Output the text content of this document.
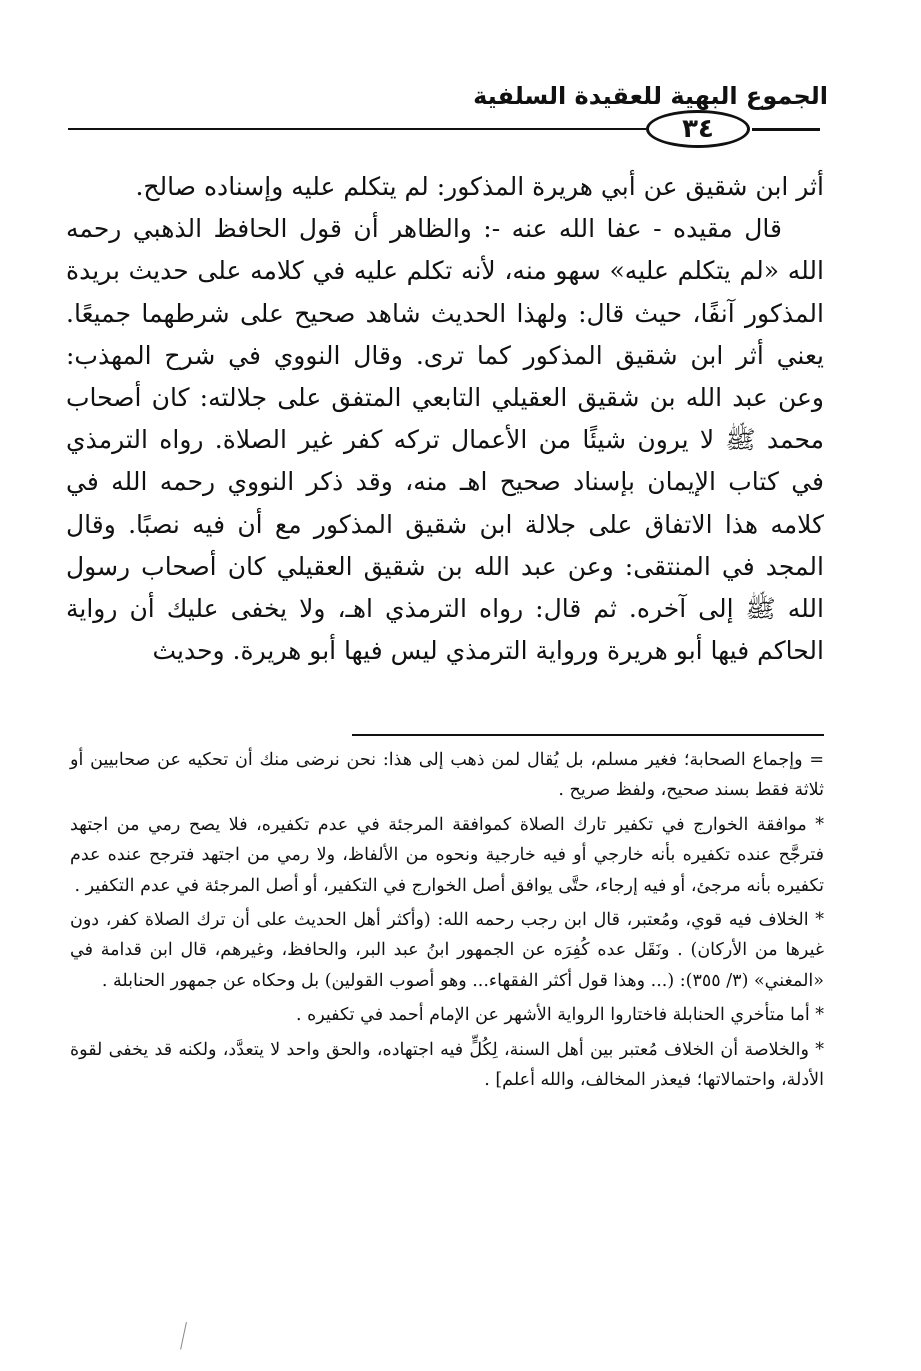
الجموع البهية للعقيدة السلفية
٣٤

أثر ابن شقيق عن أبي هريرة المذكور: لم يتكلم عليه وإسناده صالح.

قال مقيده - عفا الله عنه -: والظاهر أن قول الحافظ الذهبي رحمه الله «لم يتكلم عليه» سهو منه، لأنه تكلم عليه في كلامه على حديث بريدة المذكور آنفًا، حيث قال: ولهذا الحديث شاهد صحيح على شرطهما جميعًا. يعني أثر ابن شقيق المذكور كما ترى. وقال النووي في شرح المهذب: وعن عبد الله بن شقيق العقيلي التابعي المتفق على جلالته: كان أصحاب محمد ﷺ لا يرون شيئًا من الأعمال تركه كفر غير الصلاة. رواه الترمذي في كتاب الإيمان بإسناد صحيح اهـ منه، وقد ذكر النووي رحمه الله في كلامه هذا الاتفاق على جلالة ابن شقيق المذكور مع أن فيه نصبًا. وقال المجد في المنتقى: وعن عبد الله بن شقيق العقيلي كان أصحاب رسول الله ﷺ إلى آخره. ثم قال: رواه الترمذي اهـ، ولا يخفى عليك أن رواية الحاكم فيها أبو هريرة ورواية الترمذي ليس فيها أبو هريرة. وحديث

= وإجماع الصحابة؛ فغير مسلم، بل يُقال لمن ذهب إلى هذا: نحن نرضى منك أن تحكيه عن صحابيين أو ثلاثة فقط بسند صحيح، ولفظ صريح .

* موافقة الخوارج في تكفير تارك الصلاة كموافقة المرجئة في عدم تكفيره، فلا يصح رمي من اجتهد فترجَّح عنده تكفيره بأنه خارجي أو فيه خارجية ونحوه من الألفاظ، ولا رمي من اجتهد فترجح عنده عدم تكفيره بأنه مرجئ، أو فيه إرجاء، حتَّى يوافق أصل الخوارج في التكفير، أو أصل المرجئة في عدم التكفير .

* الخلاف فيه قوي، ومُعتبر، قال ابن رجب رحمه الله: (وأكثر أهل الحديث على أن ترك الصلاة كفر، دون غيرها من الأركان) . ونَقَل عده كُفِرَه عن الجمهور ابنُ عبد البر، والحافظ، وغيرهم، قال ابن قدامة في «المغني» (٣/ ٣٥٥): (... وهذا قول أكثر الفقهاء... وهو أصوب القولين) بل وحكاه عن جمهور الحنابلة .

* أما متأخري الحنابلة فاختاروا الرواية الأشهر عن الإمام أحمد في تكفيره .

* والخلاصة أن الخلاف مُعتبر بين أهل السنة، لِكُلٍّ فيه اجتهاده، والحق واحد لا يتعدَّد، ولكنه قد يخفى لقوة الأدلة، واحتمالاتها؛ فيعذر المخالف، والله أعلم] .
